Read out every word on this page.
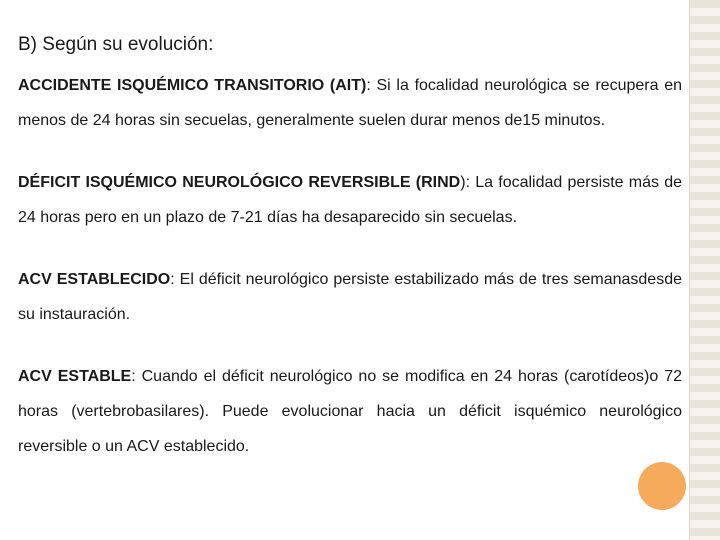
B) Según su evolución:

ACCIDENTE ISQUÉMICO TRANSITORIO (AIT): Si la focalidad neurológica se recupera en menos de 24 horas sin secuelas, generalmente suelen durar menos de15 minutos.

DÉFICIT ISQUÉMICO NEUROLÓGICO REVERSIBLE (RIND): La focalidad persiste más de 24 horas pero en un plazo de 7-21 días ha desaparecido sin secuelas.

ACV ESTABLECIDO: El déficit neurológico persiste estabilizado más de tres semanasdesde su instauración.

ACV ESTABLE: Cuando el déficit neurológico no se modifica en 24 horas (carotídeos)o 72 horas (vertebrobasilares). Puede evolucionar hacia un déficit isquémico neurológico reversible o un ACV establecido.
